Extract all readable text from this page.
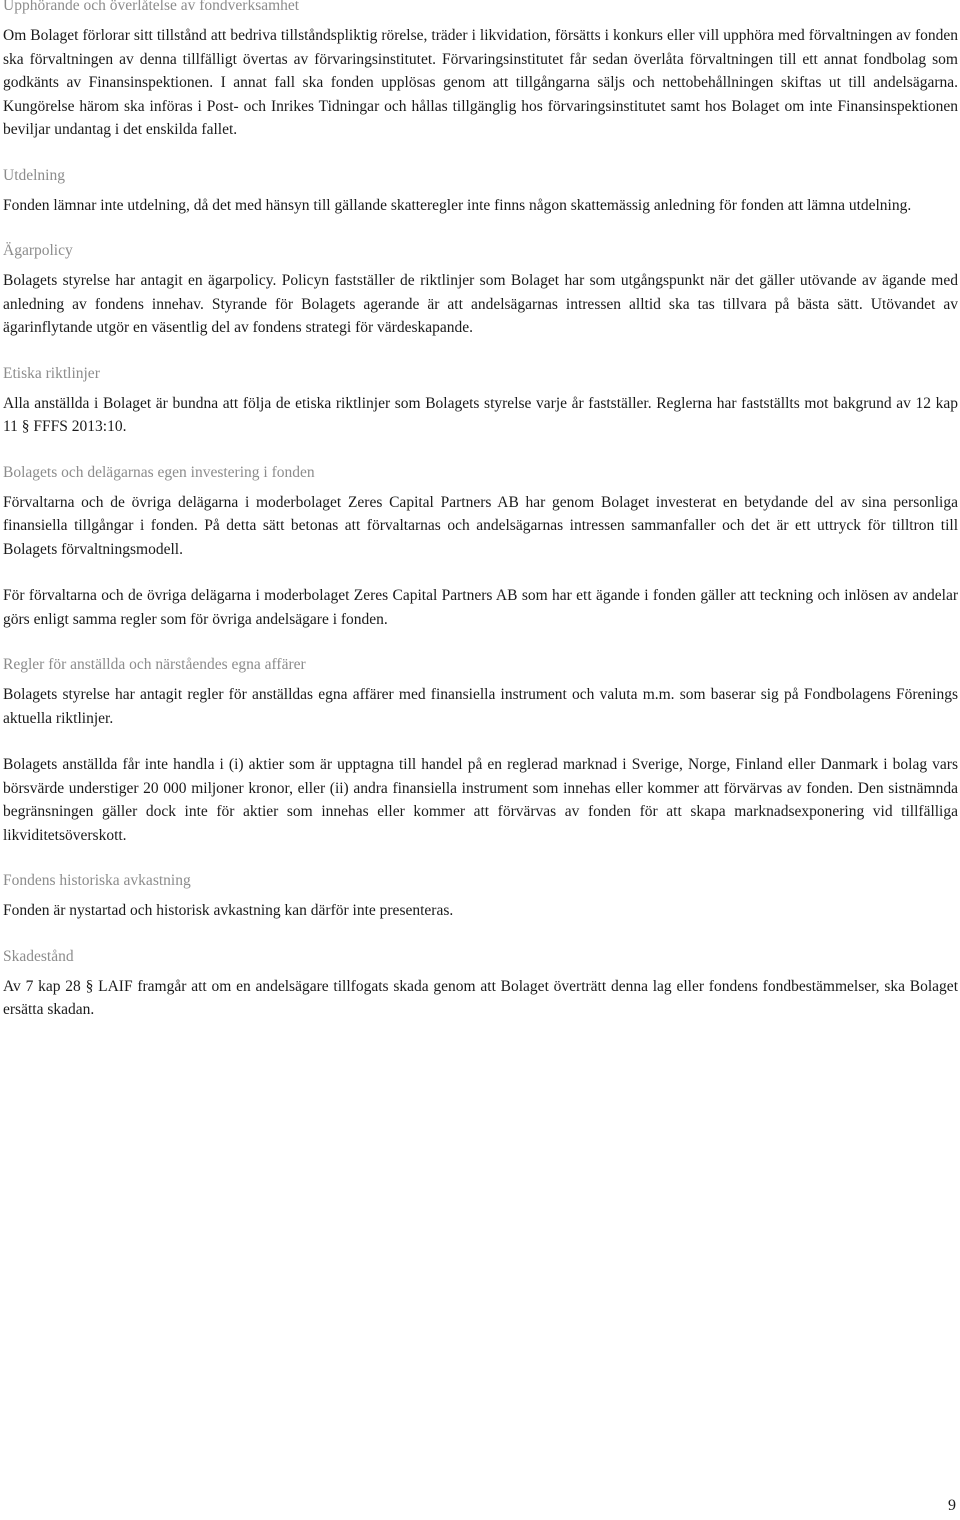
Upphörande och överlåtelse av fondverksamhet

Om Bolaget förlorar sitt tillstånd att bedriva tillståndspliktig rörelse, träder i likvidation, försätts i konkurs eller vill upphöra med förvaltningen av fonden ska förvaltningen av denna tillfälligt övertas av förvaringsinstitutet. Förvaringsinstitutet får sedan överlåta förvaltningen till ett annat fondbolag som godkänts av Finansinspektionen. I annat fall ska fonden upplösas genom att tillgångarna säljs och nettobehållningen skiftas ut till andelsägarna. Kungörelse härom ska införas i Post- och Inrikes Tidningar och hållas tillgänglig hos förvaringsinstitutet samt hos Bolaget om inte Finansinspektionen beviljar undantag i det enskilda fallet.

Utdelning

Fonden lämnar inte utdelning, då det med hänsyn till gällande skatteregler inte finns någon skattemässig anledning för fonden att lämna utdelning.

Ägarpolicy

Bolagets styrelse har antagit en ägarpolicy. Policyn fastställer de riktlinjer som Bolaget har som utgångspunkt när det gäller utövande av ägande med anledning av fondens innehav. Styrande för Bolagets agerande är att andelsägarnas intressen alltid ska tas tillvara på bästa sätt. Utövandet av ägarinflytande utgör en väsentlig del av fondens strategi för värdeskapande.

Etiska riktlinjer

Alla anställda i Bolaget är bundna att följa de etiska riktlinjer som Bolagets styrelse varje år fastställer. Reglerna har fastställts mot bakgrund av 12 kap 11 § FFFS 2013:10.

Bolagets och delägarnas egen investering i fonden

Förvaltarna och de övriga delägarna i moderbolaget Zeres Capital Partners AB har genom Bolaget investerat en betydande del av sina personliga finansiella tillgångar i fonden. På detta sätt betonas att förvaltarnas och andelsägarnas intressen sammanfaller och det är ett uttryck för tilltron till Bolagets förvaltningsmodell.

För förvaltarna och de övriga delägarna i moderbolaget Zeres Capital Partners AB som har ett ägande i fonden gäller att teckning och inlösen av andelar görs enligt samma regler som för övriga andelsägare i fonden.

Regler för anställda och närståendes egna affärer

Bolagets styrelse har antagit regler för anställdas egna affärer med finansiella instrument och valuta m.m. som baserar sig på Fondbolagens Förenings aktuella riktlinjer.

Bolagets anställda får inte handla i (i) aktier som är upptagna till handel på en reglerad marknad i Sverige, Norge, Finland eller Danmark i bolag vars börsvärde understiger 20 000 miljoner kronor, eller (ii) andra finansiella instrument som innehas eller kommer att förvärvas av fonden. Den sistnämnda begränsningen gäller dock inte för aktier som innehas eller kommer att förvärvas av fonden för att skapa marknadsexponering vid tillfälliga likviditetsöverskott.

Fondens historiska avkastning

Fonden är nystartad och historisk avkastning kan därför inte presenteras.

Skadestånd

Av 7 kap 28 § LAIF framgår att om en andelsägare tillfogats skada genom att Bolaget överträtt denna lag eller fondens fondbestämmelser, ska Bolaget ersätta skadan.

9
